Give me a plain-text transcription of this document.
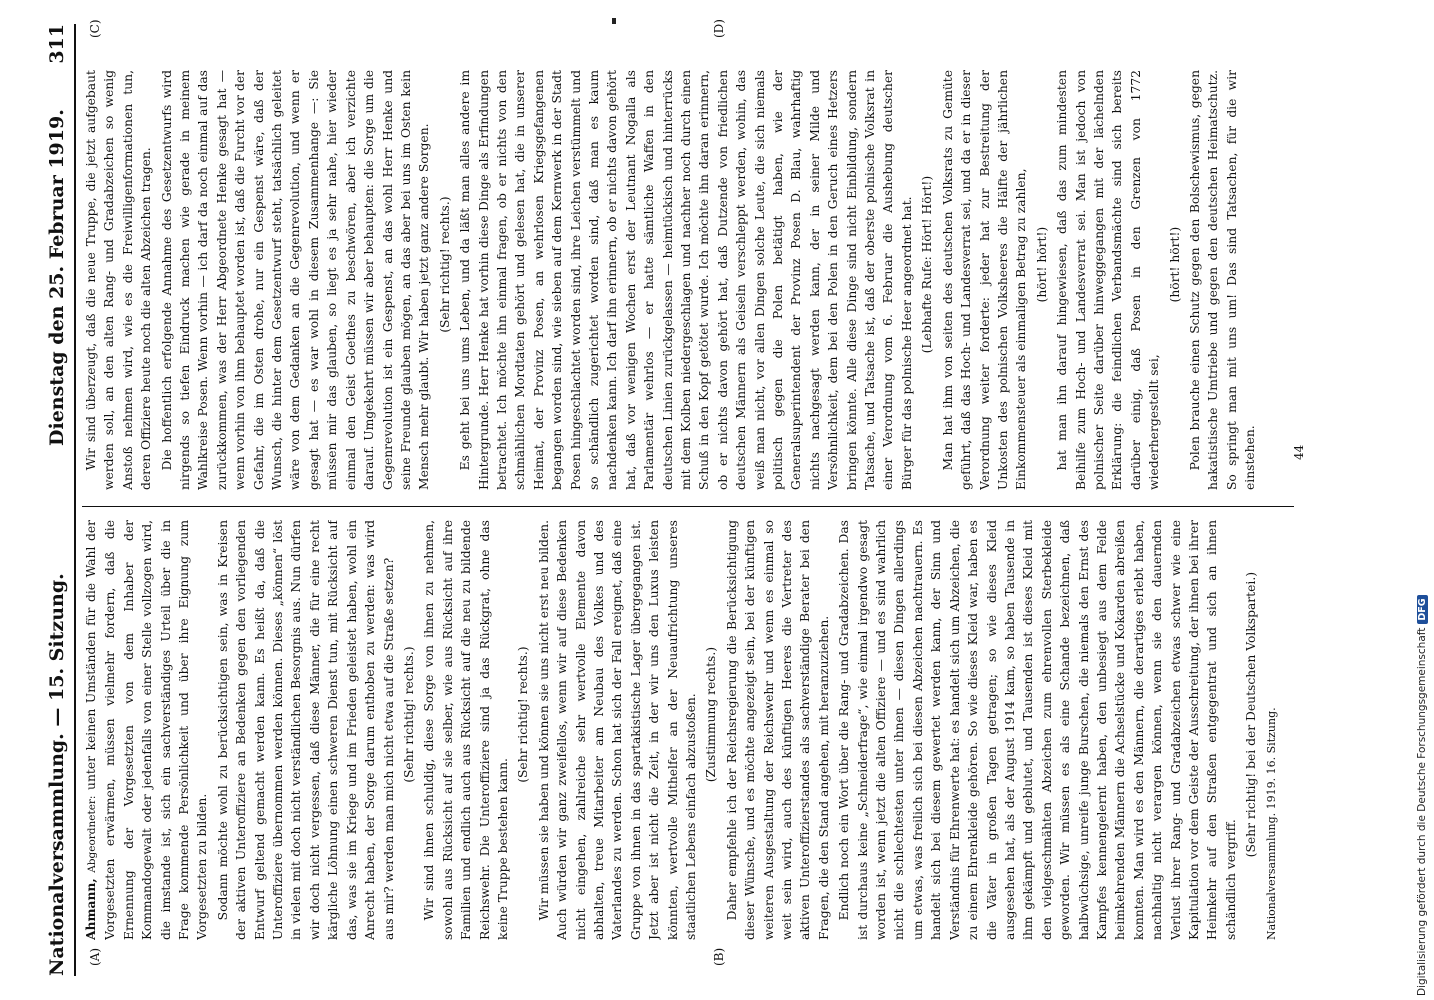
Nationalversammlung. — 15. Sitzung.
Dienstag den 25. Februar 1919.
311
(A)	(B)
(C)	(D)

Ahmann, Abgeordneter: unter keinen Umständen für die Wahl der Vorgesetzten erwärmen, müssen vielmehr fordern, daß die Ernennung der Vorgesetzten von dem Inhaber der Kommandogewalt oder jedenfalls von einer Stelle vollzogen wird, die imstande ist, sich ein sachverständiges Urteil über die in Frage kommende Persönlichkeit und über ihre Eignung zum Vorgesetzten zu bilden. Sodann möchte wohl zu berücksichtigen sein, was in Kreisen der aktiven Unteroffiziere an Bedenken gegen den vorliegenden Entwurf geltend gemacht werden kann. Es heißt da, daß die Unteroffiziere übernommen werden können. Dieses „können“ löst in vielen mit doch nicht verständlichen Besorgnis aus. Nun dürfen wir doch nicht vergessen, daß diese Männer, die für eine recht kärgliche Löhnung einen schweren Dienst tun, mit Rücksicht auf das, was sie im Kriege und im Frieden geleistet haben, wohl ein Anrecht haben, der Sorge darum enthoben zu werden: was wird aus mir? werden man mich nicht etwa auf die Straße setzen? (Sehr richtig! rechts.) Wir sind ihnen schuldig, diese Sorge von ihnen zu nehmen, sowohl aus Rücksicht auf sie selber, wie aus Rücksicht auf ihre Familien und endlich auch aus Rücksicht auf die neu zu bildende Reichswehr. Die Unteroffiziere sind ja das Rückgrat, ohne das keine Truppe bestehen kann.

(Sehr richtig! rechts.) Wir müssen sie haben und können sie uns nicht erst neu bilden. Auch würden wir ganz zweifellos, wenn wir auf diese Bedenken nicht eingehen, zahlreiche sehr wertvolle Elemente davon abhalten, treue Mitarbeiter am Neubau des Volkes und des Vaterlandes zu werden. Schon hat sich der Fall ereignet, daß eine Gruppe von ihnen in das spartakistische Lager übergegangen ist. Jetzt aber ist nicht die Zeit, in der wir uns den Luxus leisten könnten, wertvolle Mithelfer an der Neuaufrichtung unseres staatlichen Lebens einfach abzustoßen. (Zustimmung rechts.) Daher empfehle ich der Reichsregierung die Berücksichtigung dieser Wünsche, und es möchte angezeigt sein, bei der künftigen weiteren Ausgestaltung der Reichswehr und wenn es einmal so weit sein wird, auch des künftigen Heeres die Vertreter des aktiven Unteroffizierstandes als sachverständige Berater bei den Fragen, die den Stand angehen, mit heranzuziehen. Endlich noch ein Wort über die Rang- und Gradabzeichen. Das ist durchaus keine „Schneiderfrage“, wie einmal irgendwo gesagt worden ist, wenn jetzt die alten Offiziere — und es sind wahrlich nicht die schlechtesten unter ihnen — diesen Dingen allerdings um etwas, was freilich sich bei diesen Abzeichen nachtrauern. Es handelt sich bei diesem gewertet werden kann, der Sinn und Verständnis für Ehrenwerte hat: es handelt sich um Abzeichen, die zu einem Ehrenkleide gehören. So wie dieses Kleid war, haben es die Väter in großen Tagen getragen; so wie dieses Kleid ausgesehen hat, als der August 1914 kam, so haben Tausende in ihm gekämpft und geblutet, und Tausenden ist dieses Kleid mit den vielgeschmähten Abzeichen zum ehrenvollen Sterbekleide geworden. Wir müssen es als eine Schande bezeichnen, daß halbwüchsige, unreife junge Burschen, die niemals den Ernst des Kampfes kennengelernt haben, den unbesiegt aus dem Felde heimkehrenden Männern die Achselstücke und Kokarden abreißen konnten. Man wird es den Männern, die derartiges erlebt haben, nachhaltig nicht verargen können, wenn sie den dauernden Verlust ihrer Rang- und Gradabzeichen etwas schwer wie eine Kapitulation vor dem Geiste der Ausschreitung, der ihnen bei ihrer Heimkehr auf den Straßen entgegentrat und sich an ihnen schändlich vergriff.

(Sehr richtig! bei der Deutschen Volkspartei.) Nationalversammlung. 1919. 16. Sitzung.

Wir sind überzeugt, daß die neue Truppe, die jetzt aufgebaut werden soll, an den alten Rang- und Gradabzeichen so wenig Anstoß nehmen wird, wie es die Freiwilligenformationen tun, deren Offiziere heute noch die alten Abzeichen tragen. Die hoffentlich erfolgende Annahme des Gesetzentwurfs wird nirgends so tiefen Eindruck machen wie gerade in meinem Wahlkreise Posen. Wenn vorhin — ich darf da noch einmal auf das zurückkommen, was der Herr Abgeordnete Henke gesagt hat — wenn vorhin von ihm behauptet worden ist, daß die Furcht vor der Gefahr, die im Osten drohe, nur ein Gespenst wäre, daß der Wunsch, die hinter dem Gesetzentwurf steht, tatsächlich geleitet wäre von dem Gedanken an die Gegenrevolution, und wenn er gesagt hat — es war wohl in diesem Zusammenhange —: Sie müssen mir das glauben, so liegt es ja sehr nahe, hier wieder einmal den Geist Goethes zu beschwören, aber ich verzichte darauf. Umgekehrt müssen wir aber behaupten: die Sorge um die Gegenrevolution ist ein Gespenst, an das wohl Herr Henke und seine Freunde glauben mögen, an das aber bei uns im Osten kein Mensch mehr glaubt. Wir haben jetzt ganz andere Sorgen. (Sehr richtig! rechts.) Es geht bei uns ums Leben, und da läßt man alles andere im Hintergrunde. Herr Henke hat vorhin diese Dinge als Erfindungen betrachtet. Ich möchte ihn einmal fragen, ob er nichts von den schmählichen Mordtaten gehört und gelesen hat, die in unserer Heimat, der Provinz Posen, an wehrlosen Kriegsgefangenen begangen worden sind, wie sieben auf dem Kernwerk in der Stadt Posen hingeschlachtet worden sind, ihre Leichen verstümmelt und so schändlich zugerichtet worden sind, daß man es kaum nachdenken kann. Ich darf ihn erinnern, ob er nichts davon gehört hat, daß vor wenigen Wochen erst der Leutnant Nogalla als Parlamentär wehrlos — er hatte sämtliche Waffen in den deutschen Linien zurückgelassen — heimtückisch und hinterrücks mit dem Kolben niedergeschlagen und nachher noch durch einen Schuß in den Kopf getötet wurde. Ich möchte ihn daran erinnern, ob er nichts davon gehört hat, daß Dutzende von friedlichen deutschen Männern als Geiseln verschleppt werden, wohin, das weiß man nicht, vor allen Dingen solche Leute, die sich niemals politisch gegen die Polen betätigt haben, wie der Generalsuperintendent der Provinz Posen D. Blau, wahrhaftig nichts nachgesagt werden kann, der in seiner Milde und Versöhnlichkeit, dem bei den Polen in den Geruch eines Hetzers bringen könnte. Alle diese Dinge sind nicht Einbildung, sondern Tatsache, und Tatsache ist, daß der oberste polnische Volksrat in einer Verordnung vom 6. Februar die Aushebung deutscher Bürger für das polnische Heer angeordnet hat. (Lebhafte Rufe: Hört! Hört!) Man hat ihm von seiten des deutschen Volksrats zu Gemüte geführt, daß das Hoch- und Landesverrat sei, und da er in dieser Verordnung weiter forderte: jeder hat zur Bestreitung der Unkosten des polnischen Volksheeres die Hälfte der jährlichen Einkommensteuer als einmaligen Betrag zu zahlen, (hört! hört!) hat man ihn darauf hingewiesen, daß das zum mindesten Beihilfe zum Hoch- und Landesverrat sei. Man ist jedoch von polnischer Seite darüber hinweggegangen mit der lächelnden Erklärung: die feindlichen Verbandsmächte sind sich bereits darüber einig, daß Posen in den Grenzen von 1772 wiederhergestellt sei,

(hört! hört!) Polen brauche einen Schutz gegen den Bolschewismus, gegen hakatistische Umtriebe und gegen den deutschen Heimatschutz. So springt man mit uns um! Das sind Tatsachen, für die wir einstehen.	44
Digitalisierung gefördert durch die Deutsche ForschungsgemeinschaftDFG
